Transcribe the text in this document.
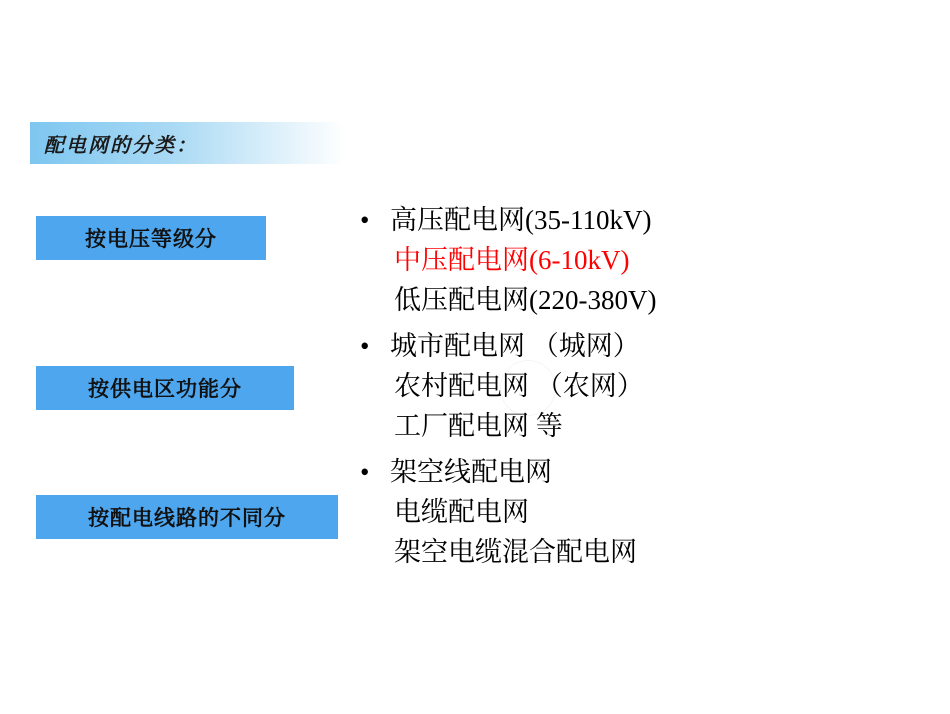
配电网的分类：
按电压等级分
按供电区功能分
按配电线路的不同分
• 高压配电网(35-110kV)
中压配电网(6-10kV)
低压配电网(220-380V)
• 城市配电网 （城网）
农村配电网 （农网）
工厂配电网 等
• 架空线配电网
电缆配电网
架空电缆混合配电网
